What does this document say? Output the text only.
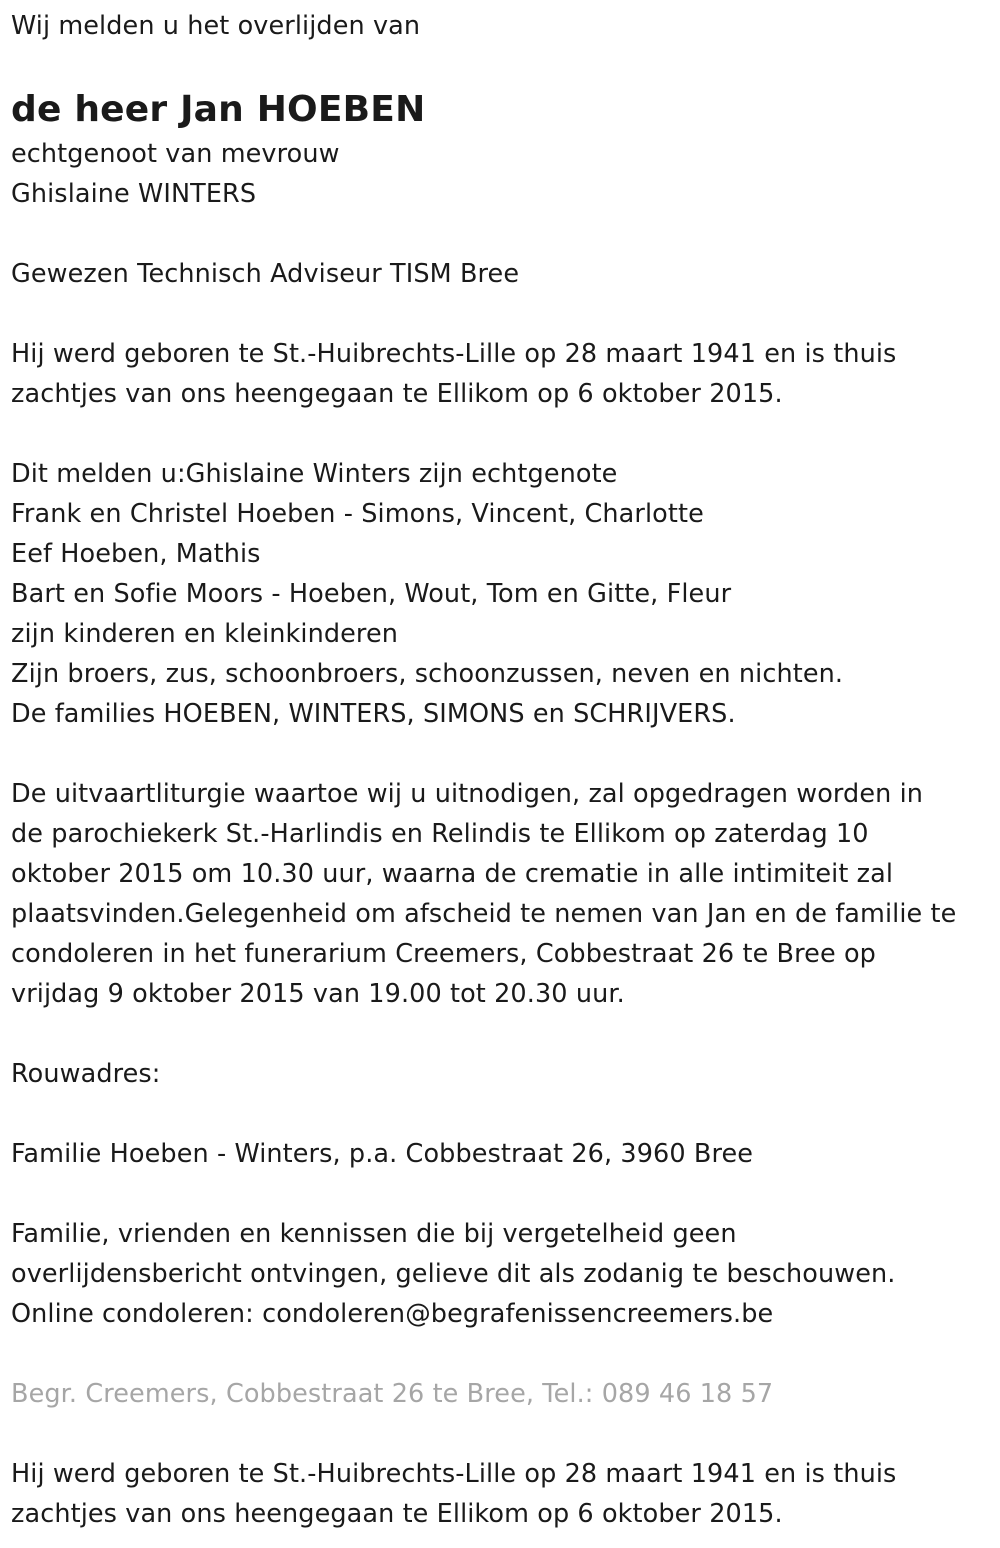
Wij melden u het overlijden van
de heer Jan HOEBEN
echtgenoot van mevrouw
Ghislaine WINTERS
Gewezen Technisch Adviseur TISM Bree
Hij werd geboren te St.-Huibrechts-Lille op 28 maart 1941 en is thuis
zachtjes van ons heengegaan te Ellikom op 6 oktober 2015.
Dit melden u:Ghislaine Winters zijn echtgenote
Frank en Christel Hoeben - Simons, Vincent, Charlotte
Eef Hoeben, Mathis
Bart en Sofie Moors - Hoeben, Wout, Tom en Gitte, Fleur
zijn kinderen en kleinkinderen
Zijn broers, zus, schoonbroers, schoonzussen, neven en nichten.
De families HOEBEN, WINTERS, SIMONS en SCHRIJVERS.
De uitvaartliturgie waartoe wij u uitnodigen, zal opgedragen worden in
de parochiekerk St.-Harlindis en Relindis te Ellikom op zaterdag 10
oktober 2015 om 10.30 uur, waarna de crematie in alle intimiteit zal
plaatsvinden.Gelegenheid om afscheid te nemen van Jan en de familie te
condoleren in het funerarium Creemers, Cobbestraat 26 te Bree op
vrijdag 9 oktober 2015 van 19.00 tot 20.30 uur.
Rouwadres:
Familie Hoeben - Winters, p.a. Cobbestraat 26, 3960 Bree
Familie, vrienden en kennissen die bij vergetelheid geen
overlijdensbericht ontvingen, gelieve dit als zodanig te beschouwen.
Online condoleren: condoleren@begrafenissencreemers.be
Begr. Creemers, Cobbestraat 26 te Bree, Tel.: 089 46 18 57
Hij werd geboren te St.-Huibrechts-Lille op 28 maart 1941 en is thuis
zachtjes van ons heengegaan te Ellikom op 6 oktober 2015.
